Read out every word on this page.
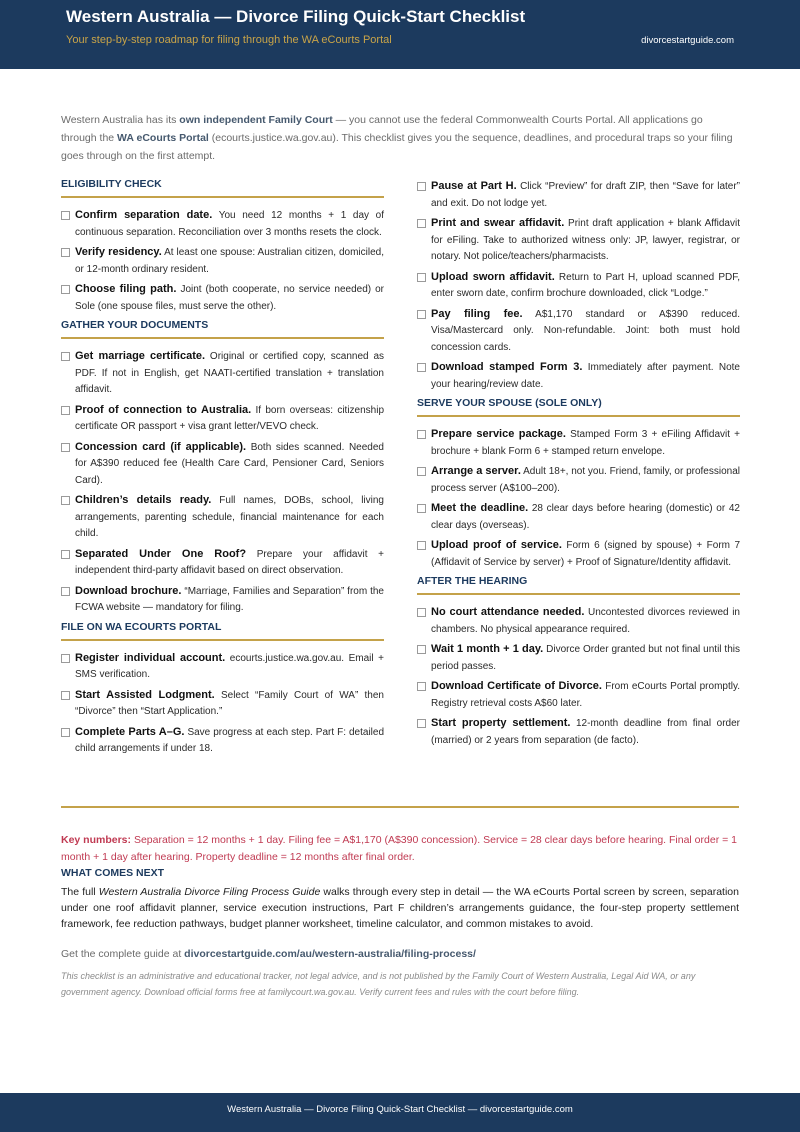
Western Australia — Divorce Filing Quick-Start Checklist
Your step-by-step roadmap for filing through the WA eCourts Portal	divorcestartguide.com
Western Australia has its own independent Family Court — you cannot use the federal Commonwealth Courts Portal. All applications go through the WA eCourts Portal (ecourts.justice.wa.gov.au). This checklist gives you the sequence, deadlines, and procedural traps so your filing goes through on the first attempt.
ELIGIBILITY CHECK
Confirm separation date. You need 12 months + 1 day of continuous separation. Reconciliation over 3 months resets the clock.
Verify residency. At least one spouse: Australian citizen, domiciled, or 12-month ordinary resident.
Choose filing path. Joint (both cooperate, no service needed) or Sole (one spouse files, must serve the other).
GATHER YOUR DOCUMENTS
Get marriage certificate. Original or certified copy, scanned as PDF. If not in English, get NAATI-certified translation + translation affidavit.
Proof of connection to Australia. If born overseas: citizenship certificate OR passport + visa grant letter/VEVO check.
Concession card (if applicable). Both sides scanned. Needed for A$390 reduced fee (Health Care Card, Pensioner Card, Seniors Card).
Children’s details ready. Full names, DOBs, school, living arrangements, parenting schedule, financial maintenance for each child.
Separated Under One Roof? Prepare your affidavit + independent third-party affidavit based on direct observation.
Download brochure. “Marriage, Families and Separation” from the FCWA website — mandatory for filing.
FILE ON WA ECOURTS PORTAL
Register individual account. ecourts.justice.wa.gov.au. Email + SMS verification.
Start Assisted Lodgment. Select “Family Court of WA” then “Divorce” then “Start Application.”
Complete Parts A–G. Save progress at each step. Part F: detailed child arrangements if under 18.
Pause at Part H. Click “Preview” for draft ZIP, then “Save for later” and exit. Do not lodge yet.
Print and swear affidavit. Print draft application + blank Affidavit for eFiling. Take to authorized witness only: JP, lawyer, registrar, or notary. Not police/teachers/pharmacists.
Upload sworn affidavit. Return to Part H, upload scanned PDF, enter sworn date, confirm brochure downloaded, click “Lodge.”
Pay filing fee. A$1,170 standard or A$390 reduced. Visa/Mastercard only. Non-refundable. Joint: both must hold concession cards.
Download stamped Form 3. Immediately after payment. Note your hearing/review date.
SERVE YOUR SPOUSE (SOLE ONLY)
Prepare service package. Stamped Form 3 + eFiling Affidavit + brochure + blank Form 6 + stamped return envelope.
Arrange a server. Adult 18+, not you. Friend, family, or professional process server (A$100–200).
Meet the deadline. 28 clear days before hearing (domestic) or 42 clear days (overseas).
Upload proof of service. Form 6 (signed by spouse) + Form 7 (Affidavit of Service by server) + Proof of Signature/Identity affidavit.
AFTER THE HEARING
No court attendance needed. Uncontested divorces reviewed in chambers. No physical appearance required.
Wait 1 month + 1 day. Divorce Order granted but not final until this period passes.
Download Certificate of Divorce. From eCourts Portal promptly. Registry retrieval costs A$60 later.
Start property settlement. 12-month deadline from final order (married) or 2 years from separation (de facto).
Key numbers: Separation = 12 months + 1 day. Filing fee = A$1,170 (A$390 concession). Service = 28 clear days before hearing. Final order = 1 month + 1 day after hearing. Property deadline = 12 months after final order.
WHAT COMES NEXT
The full Western Australia Divorce Filing Process Guide walks through every step in detail — the WA eCourts Portal screen by screen, separation under one roof affidavit planner, service execution instructions, Part F children’s arrangements guidance, the four-step property settlement framework, fee reduction pathways, budget planner worksheet, timeline calculator, and common mistakes to avoid.
Get the complete guide at divorcestartguide.com/au/western-australia/filing-process/
This checklist is an administrative and educational tracker, not legal advice, and is not published by the Family Court of Western Australia, Legal Aid WA, or any government agency. Download official forms free at familycourt.wa.gov.au. Verify current fees and rules with the court before filing.
Western Australia — Divorce Filing Quick-Start Checklist — divorcestartguide.com
